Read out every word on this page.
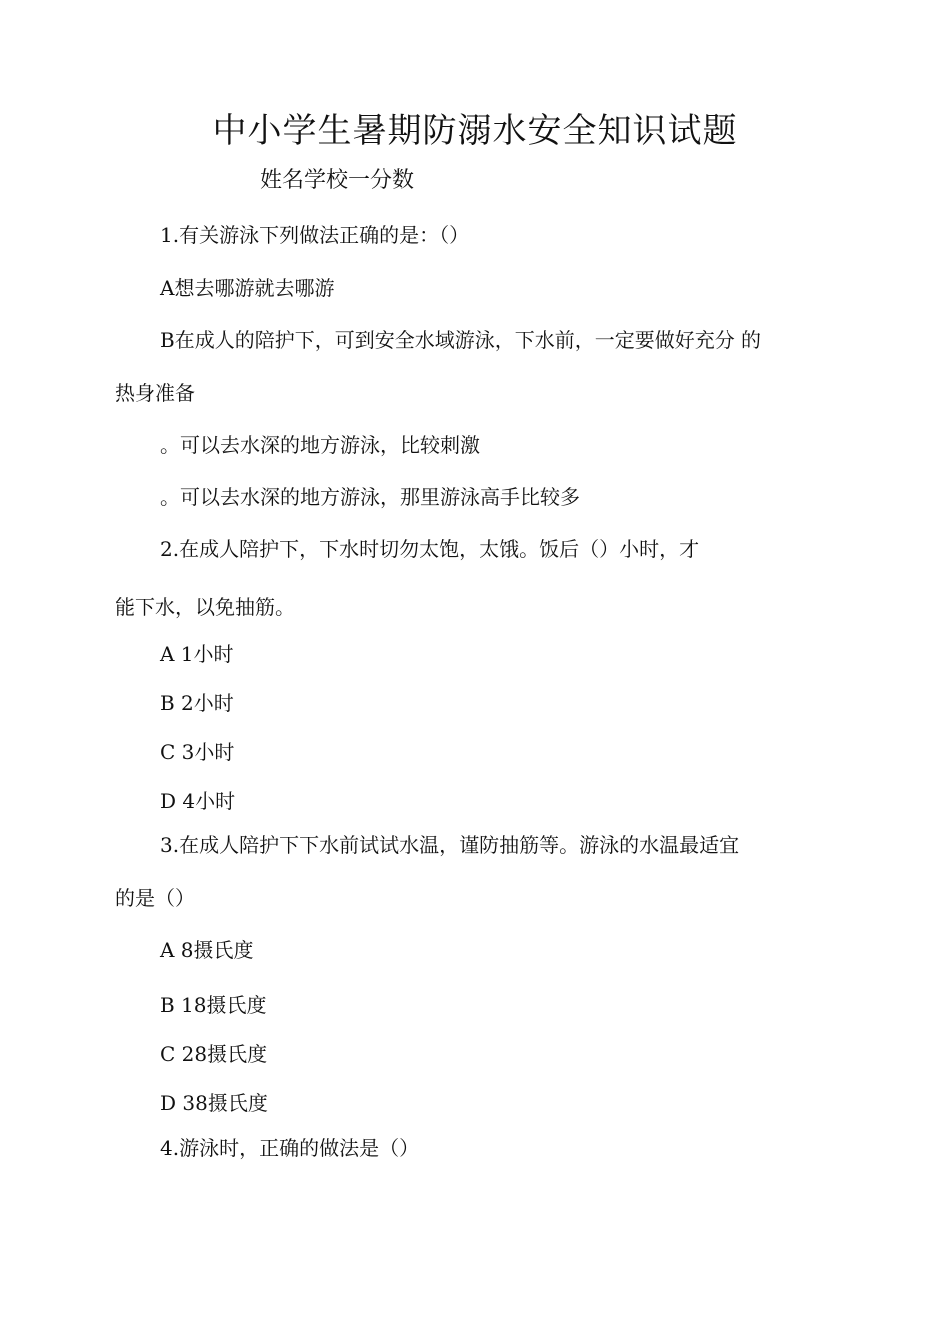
中小学生暑期防溺水安全知识试题
姓名学校一分数
1.有关游泳下列做法正确的是：（）
A想去哪游就去哪游
B在成人的陪护下，可到安全水域游泳，下水前，一定要做好充分 的
热身准备
。可以去水深的地方游泳，比较刺激
。可以去水深的地方游泳，那里游泳高手比较多
2.在成人陪护下，下水时切勿太饱，太饿。饭后（）小时，才
能下水，以免抽筋。
A 1小时
B 2小时
C 3小时
D 4小时
3.在成人陪护下下水前试试水温，谨防抽筋等。游泳的水温最适宜
的是（）
A 8摄氏度
B 18摄氏度
C 28摄氏度
D 38摄氏度
4.游泳时，正确的做法是（）
